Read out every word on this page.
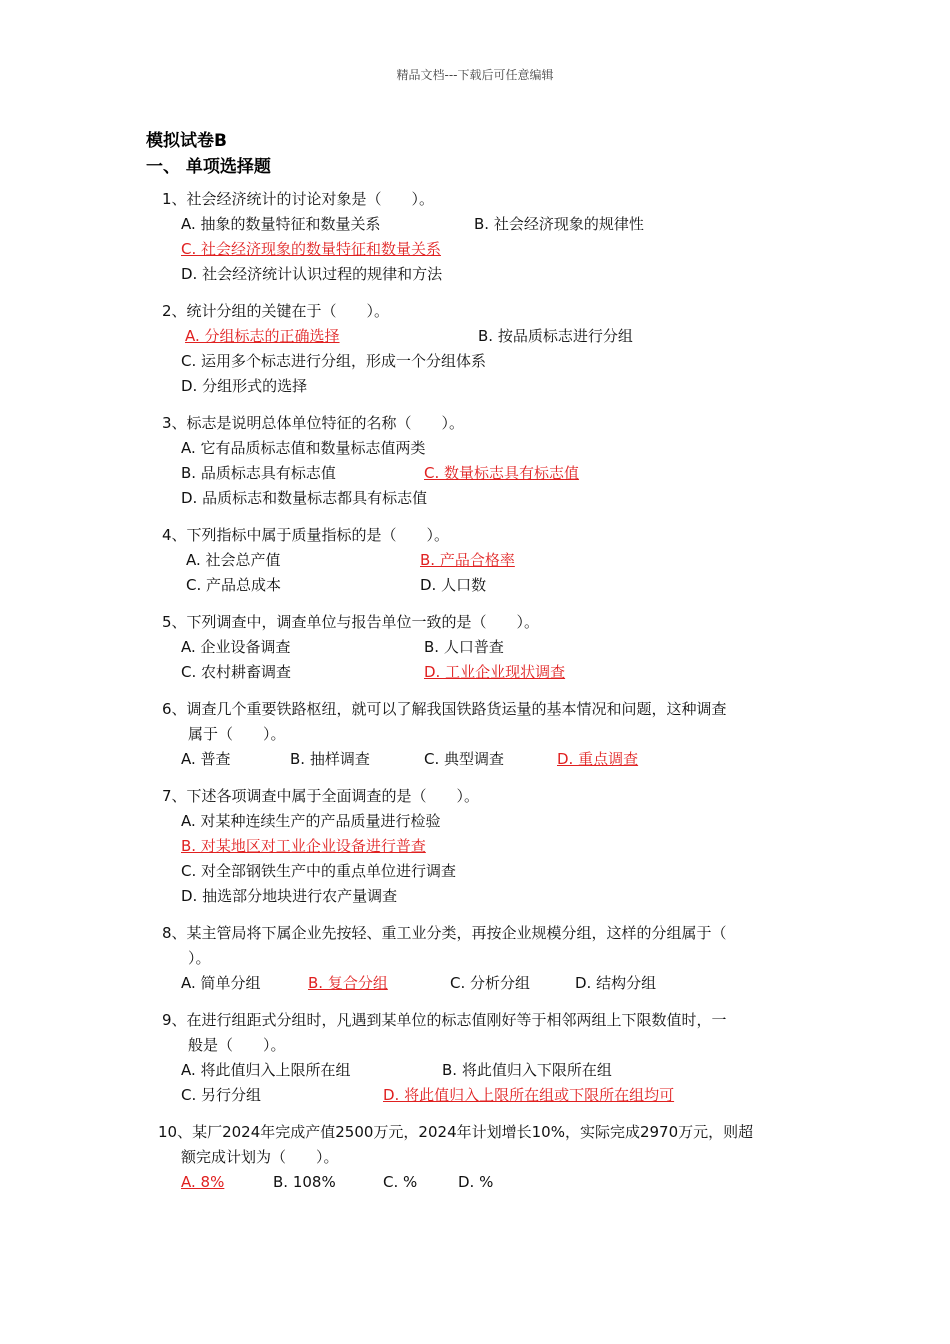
精品文档---下载后可任意编辑
模拟试卷B
一、 单项选择题
1、社会经济统计的讨论对象是（　　）。
A. 抽象的数量特征和数量关系	B. 社会经济现象的规律性
C. 社会经济现象的数量特征和数量关系
D. 社会经济统计认识过程的规律和方法
2、统计分组的关键在于（　　）。
A. 分组标志的正确选择	B. 按品质标志进行分组
C. 运用多个标志进行分组，形成一个分组体系
D. 分组形式的选择
3、标志是说明总体单位特征的名称（　　）。
A. 它有品质标志值和数量标志值两类
B. 品质标志具有标志值	C. 数量标志具有标志值
D. 品质标志和数量标志都具有标志值
4、下列指标中属于质量指标的是（　　）。
A. 社会总产值	B. 产品合格率
C. 产品总成本	D. 人口数
5、下列调查中，调查单位与报告单位一致的是（　　）。
A. 企业设备调查	B. 人口普查
C. 农村耕畜调查	D. 工业企业现状调查
6、调查几个重要铁路枢纽，就可以了解我国铁路货运量的基本情况和问题，这种调查
属于（　　）。
A. 普查	B. 抽样调查	C. 典型调查	D. 重点调查
7、下述各项调查中属于全面调查的是（　　）。
A. 对某种连续生产的产品质量进行检验
B. 对某地区对工业企业设备进行普查
C. 对全部钢铁生产中的重点单位进行调查
D. 抽选部分地块进行农产量调查
8、某主管局将下属企业先按轻、重工业分类，再按企业规模分组，这样的分组属于（
）。
A. 简单分组	B. 复合分组	C. 分析分组	D. 结构分组
9、在进行组距式分组时，凡遇到某单位的标志值刚好等于相邻两组上下限数值时，一
般是（　　）。
A. 将此值归入上限所在组	B. 将此值归入下限所在组
C. 另行分组	D. 将此值归入上限所在组或下限所在组均可
10、某厂2024年完成产值2500万元，2024年计划增长10%，实际完成2970万元，则超
额完成计划为（　　）。
A. 8%	B. 108%	C. %	D. %
